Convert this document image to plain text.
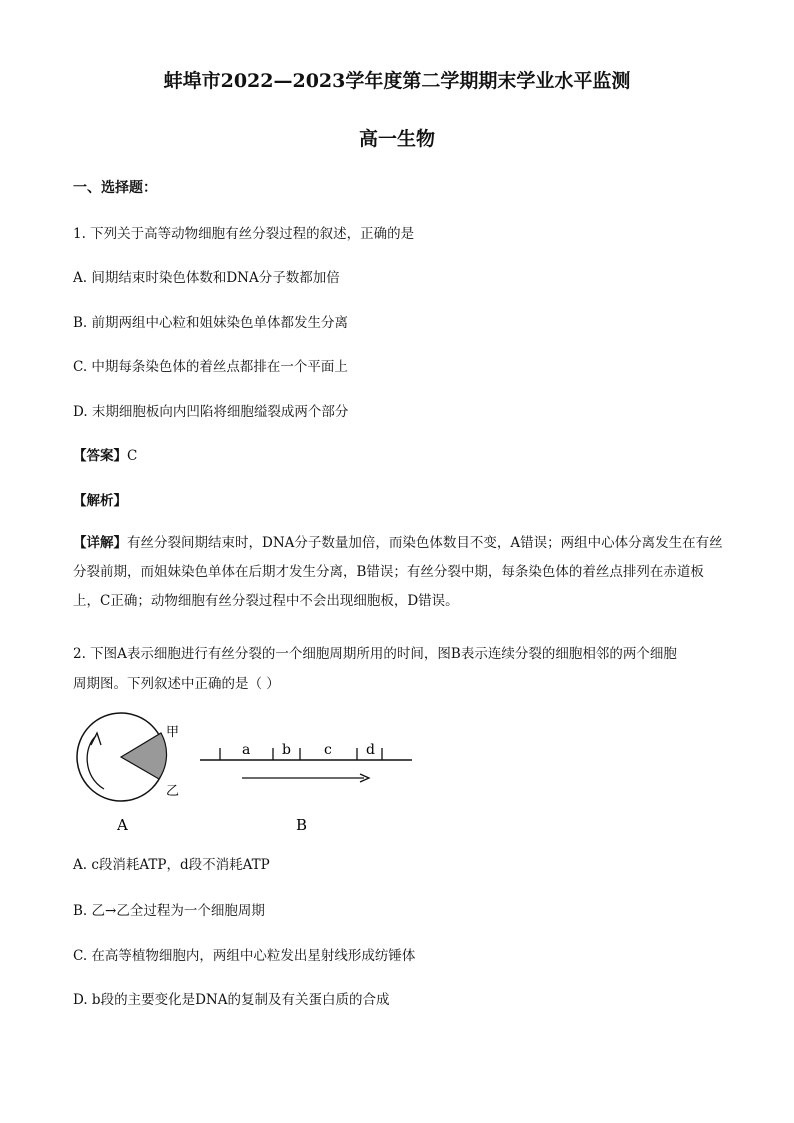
蚌埠市2022—2023学年度第二学期期末学业水平监测
高一生物
一、选择题：
1. 下列关于高等动物细胞有丝分裂过程的叙述，正确的是
A. 间期结束时染色体数和DNA分子数都加倍
B. 前期两组中心粒和姐妹染色单体都发生分离
C. 中期每条染色体的着丝点都排在一个平面上
D. 末期细胞板向内凹陷将细胞缢裂成两个部分
【答案】C
【解析】
【详解】有丝分裂间期结束时，DNA分子数量加倍，而染色体数目不变，A错误；两组中心体分离发生在有丝分裂前期，而姐妹染色单体在后期才发生分离，B错误；有丝分裂中期，每条染色体的着丝点排列在赤道板上，C正确；动物细胞有丝分裂过程中不会出现细胞板，D错误。
2. 下图A表示细胞进行有丝分裂的一个细胞周期所用的时间，图B表示连续分裂的细胞相邻的两个细胞
周期图。下列叙述中正确的是（ ）
甲
乙
A
a b c d
B
A. c段消耗ATP，d段不消耗ATP
B. 乙→乙全过程为一个细胞周期
C. 在高等植物细胞内，两组中心粒发出星射线形成纺锤体
D. b段的主要变化是DNA的复制及有关蛋白质的合成
